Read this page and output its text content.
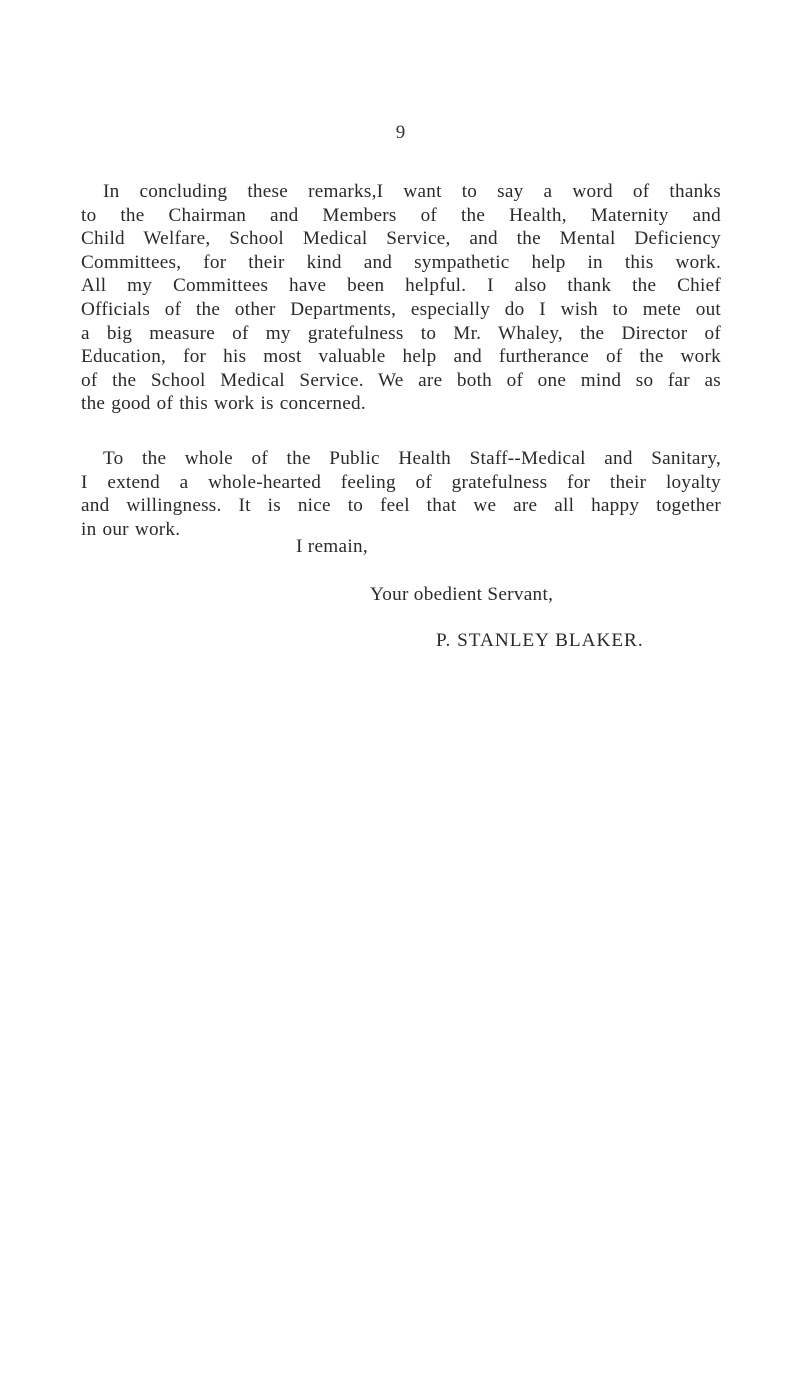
9
In concluding these remarks,I want to say a word of thanks
to the Chairman and Members of the Health, Maternity and
Child Welfare, School Medical Service, and the Mental Deficiency
Committees, for their kind and sympathetic help in this work.
All my Committees have been helpful. I also thank the Chief
Officials of the other Departments, especially do I wish to mete out
a big measure of my gratefulness to Mr. Whaley, the Director of
Education, for his most valuable help and furtherance of the work
of the School Medical Service. We are both of one mind so far as
the good of this work is concerned.
To the whole of the Public Health Staff--Medical and Sanitary,
I extend a whole-hearted feeling of gratefulness for their loyalty
and willingness. It is nice to feel that we are all happy together
in our work.
I remain,
Your obedient Servant,
P. STANLEY BLAKER.
